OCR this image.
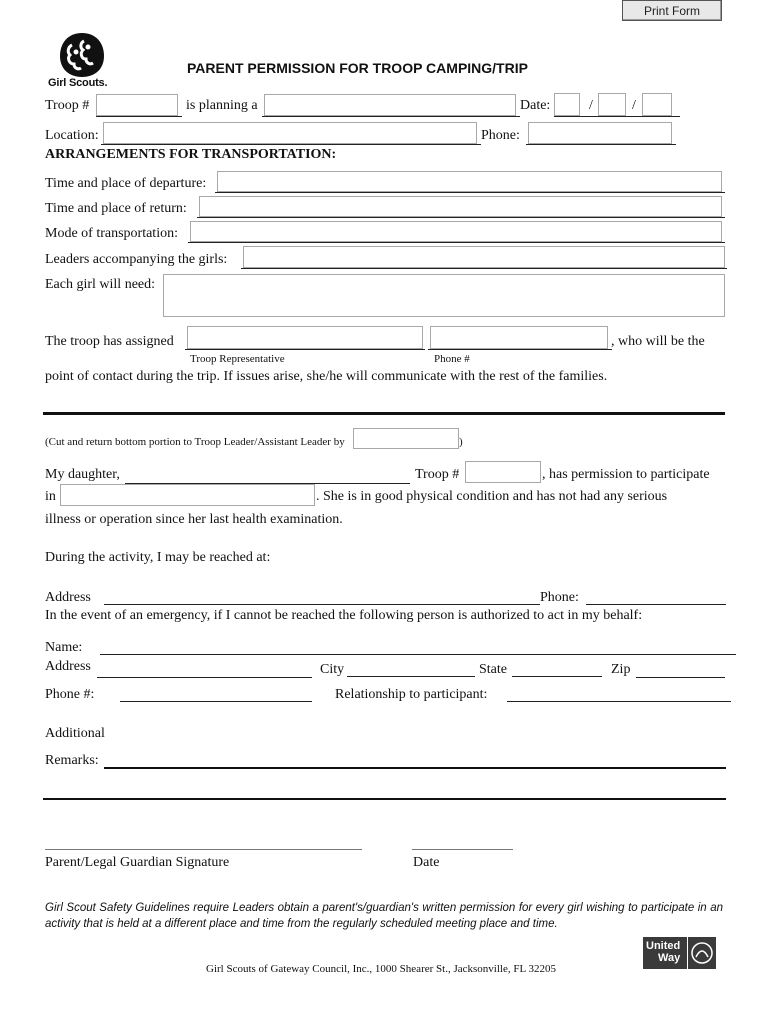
Print Form
Girl Scouts.
PARENT PERMISSION FOR TROOP CAMPING/TRIP
Troop #	is planning a	Date:	/	/
Location:	Phone:
ARRANGEMENTS FOR TRANSPORTATION:
Time and place of departure:
Time and place of return:
Mode of transportation:
Leaders accompanying the girls:
Each girl will need:
The troop has assigned	, who will be the
Troop Representative	Phone #
point of contact during the trip. If issues arise, she/he will communicate with the rest of the families.
(Cut and return bottom portion to Troop Leader/Assistant Leader by	)
My daughter,	Troop #	, has permission to participate
in	. She is in good physical condition and has not had any serious
illness or operation since her last health examination.
During the activity, I may be reached at:
Address	Phone:
In the event of an emergency, if I cannot be reached the following person is authorized to act in my behalf:
Name:
Address	City	State	Zip
Phone #:	Relationship to participant:
Additional
Remarks:
Parent/Legal Guardian Signature	Date
Girl Scout Safety Guidelines require Leaders obtain a parent's/guardian's written permission for every girl wishing to participate in an activity that is held at a different place and time from the regularly scheduled meeting place and time.
United
Way
Girl Scouts of Gateway Council, Inc., 1000 Shearer St., Jacksonville, FL 32205
